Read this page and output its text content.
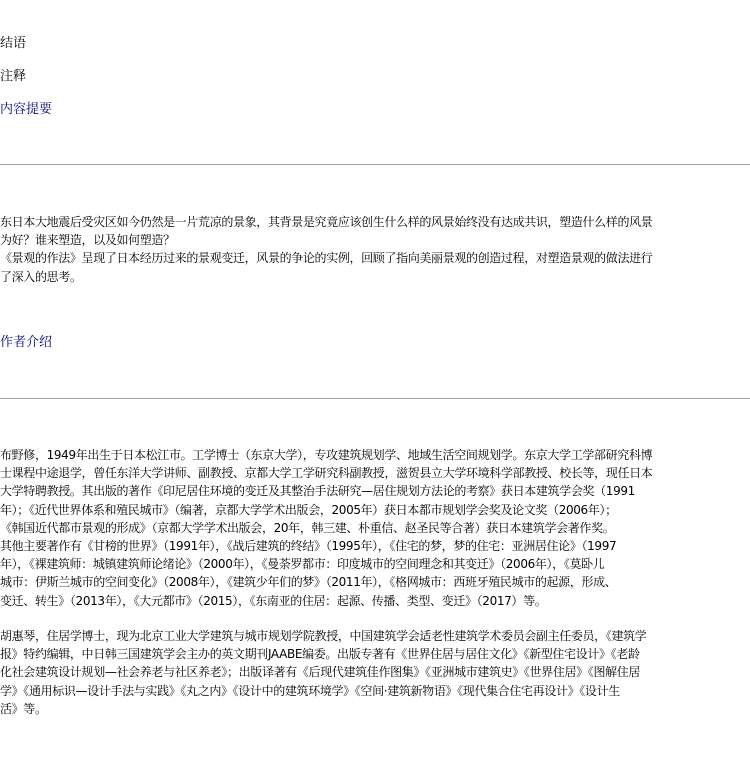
结语
注释
内容提要
东日本大地震后受灾区如今仍然是一片荒凉的景象，其背景是究竟应该创生什么样的风景始终没有达成共识，塑造什么样的风景
为好？谁来塑造，以及如何塑造？
《景观的作法》呈现了日本经历过来的景观变迁，风景的争论的实例，回顾了指向美丽景观的创造过程，对塑造景观的做法进行
了深入的思考。
作者介绍
布野修，1949年出生于日本松江市。工学博士（东京大学），专攻建筑规划学、地域生活空间规划学。东京大学工学部研究科博
士课程中途退学，曾任东洋大学讲师、副教授、京都大学工学研究科副教授，滋贺县立大学环境科学部教授、校长等，现任日本
大学特聘教授。其出版的著作《印尼居住环境的变迁及其整治手法研究—居住规划方法论的考察》获日本建筑学会奖（1991
年）；《近代世界体系和殖民城市》（编著，京都大学学术出版会，2005年）获日本都市规划学会奖及论文奖（2006年）；
《韩国近代都市景观的形成》（京都大学学术出版会，20年，韩三建、朴重信、赵圣民等合著）获日本建筑学会著作奖。
其他主要著作有《甘榜的世界》（1991年），《战后建筑的终结》（1995年），《住宅的梦，梦的住宅：亚洲居住论》（1997
年），《裸建筑师：城镇建筑师论绪论》（2000年），《曼荼罗都市：印度城市的空间理念和其变迁》（2006年），《莫卧儿
城市：伊斯兰城市的空间变化》（2008年），《建筑少年们的梦》（2011年），《格网城市：西班牙殖民城市的起源，形成、
变迁、转生》（2013年），《大元都市》（2015），《东南亚的住居：起源、传播、类型、变迁》（2017）等。
胡惠琴，住居学博士，现为北京工业大学建筑与城市规划学院教授，中国建筑学会适老性建筑学术委员会副主任委员，《建筑学
报》特约编辑，中日韩三国建筑学会主办的英文期刊JAABE编委。出版专著有《世界住居与居住文化》《新型住宅设计》《老龄
化社会建筑设计规划—社会养老与社区养老》；出版译著有《后现代建筑佳作图集》《亚洲城市建筑史》《世界住居》《图解住居
学》《通用标识—设计手法与实践》《丸之内》《设计中的建筑环境学》《空间·建筑新物语》《现代集合住宅再设计》《设计生
活》等。
